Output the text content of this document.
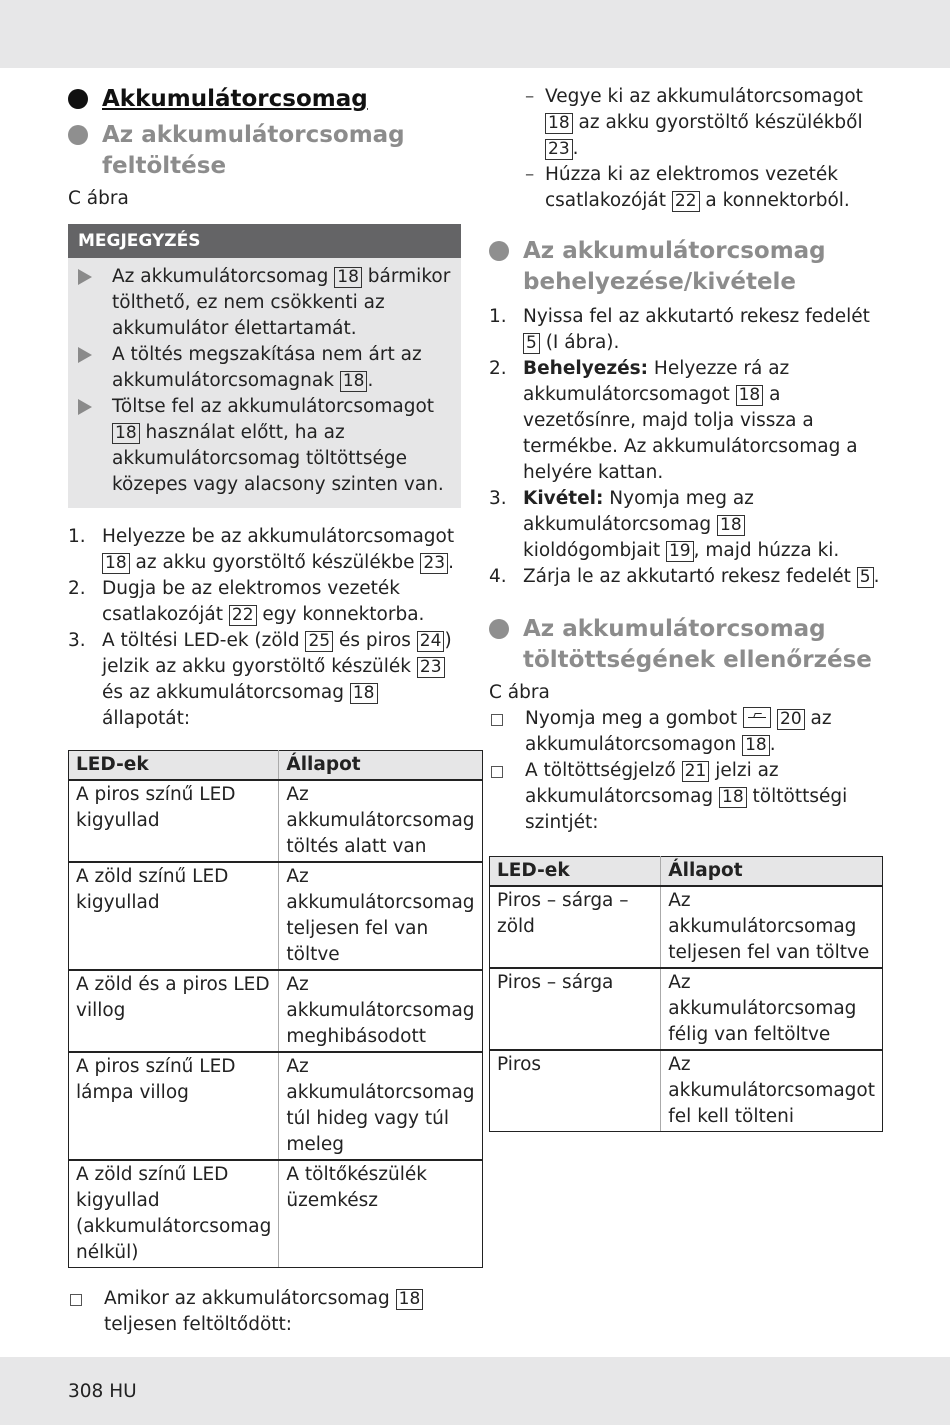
Akkumulátorcsomag
Az akkumulátorcsomag feltöltése
C ábra
MEGJEGYZÉS
Az akkumulátorcsomag 18 bármikor tölthető, ez nem csökkenti az akkumulátor élettartamát.
A töltés megszakítása nem árt az akkumulátorcsomagnak 18 .
Töltse fel az akkumulátorcsomagot 18 használat előtt, ha az akkumulátorcsomag töltöttsége közepes vagy alacsony szinten van.
1. Helyezze be az akkumulátorcsomagot 18 az akku gyorstöltő készülékbe 23 .
2. Dugja be az elektromos vezeték csatlakozóját 22 egy konnektorba.
3. A töltési LED-ek (zöld 25 és piros 24 ) jelzik az akku gyorstöltő készülék 23 és az akkumulátorcsomag 18 állapotát:
LED-ek	Állapot
A piros színű LED kigyullad	Az akkumulátorcsomag töltés alatt van
A zöld színű LED kigyullad	Az akkumulátorcsomag teljesen fel van töltve
A zöld és a piros LED villog	Az akkumulátorcsomag meghibásodott
A piros színű LED lámpa villog	Az akkumulátorcsomag túl hideg vagy túl meleg
A zöld színű LED kigyullad (akkumulátorcsomag nélkül)	A töltőkészülék üzemkész
Amikor az akkumulátorcsomag 18 teljesen feltöltődött:
– Vegye ki az akkumulátorcsomagot 18 az akku gyorstöltő készülékből 23 .
– Húzza ki az elektromos vezeték csatlakozóját 22 a konnektorból.
Az akkumulátorcsomag behelyezése/kivétele
1. Nyissa fel az akkutartó rekesz fedelét 5 (I ábra).
2. Behelyezés: Helyezze rá az akkumulátorcsomagot 18 a vezetősínre, majd tolja vissza a termékbe. Az akkumulátorcsomag a helyére kattan.
3. Kivétel: Nyomja meg az akkumulátorcsomag 18 kioldógombjait 19 , majd húzza ki.
4. Zárja le az akkutartó rekesz fedelét 5 .
Az akkumulátorcsomag töltöttségének ellenőrzése
C ábra
Nyomja meg a gombot 20 az akkumulátorcsomagon 18 .
A töltöttségjelző 21 jelzi az akkumulátorcsomag 18 töltöttségi szintjét:
LED-ek	Állapot
Piros – sárga – zöld	Az akkumulátorcsomag teljesen fel van töltve
Piros – sárga	Az akkumulátorcsomag félig van feltöltve
Piros	Az akkumulátorcsomagot fel kell tölteni
308 HU
